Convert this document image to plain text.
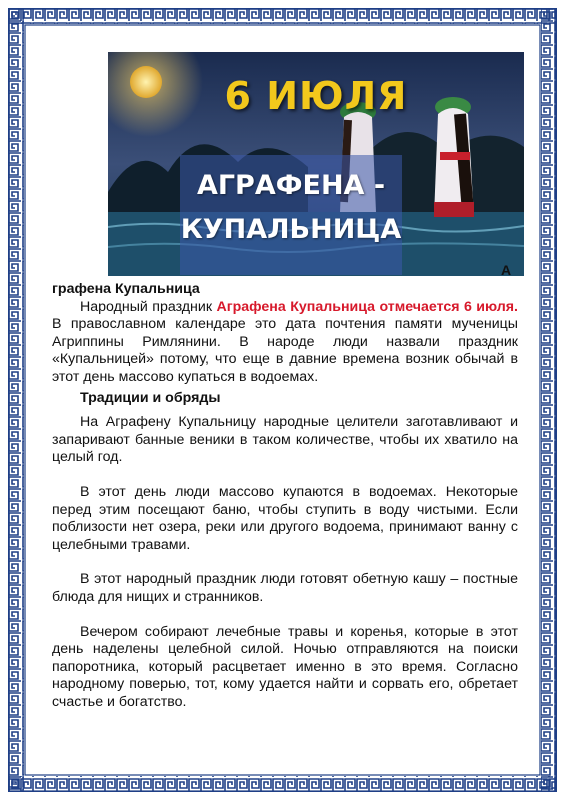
6 ИЮЛЯ
АГРАФЕНА -
КУПАЛЬНИЦА
А
графена Купальница
Народный праздник Аграфена Купальница отмечается 6 июля. В православном календаре это дата почтения памяти мученицы Агриппины Римлянини. В народе люди назвали праздник «Купальницей» потому, что еще в давние времена возник обычай в этот день массово купаться в водоемах.
Традиции и обряды
На Аграфену Купальницу народные целители заготавливают и запаривают банные веники в таком количестве, чтобы их хватило на целый год.
В этот день люди массово купаются в водоемах. Некоторые перед этим посещают баню, чтобы ступить в воду чистыми. Если поблизости нет озера, реки или другого водоема, принимают ванну с целебными травами.
В этот народный праздник люди готовят обетную кашу – постные блюда для нищих и странников.
Вечером собирают лечебные травы и коренья, которые в этот день наделены целебной силой. Ночью отправляются на поиски папоротника, который расцветает именно в это время. Согласно народному поверью, тот, кому удается найти и сорвать его, обретает счастье и богатство.
